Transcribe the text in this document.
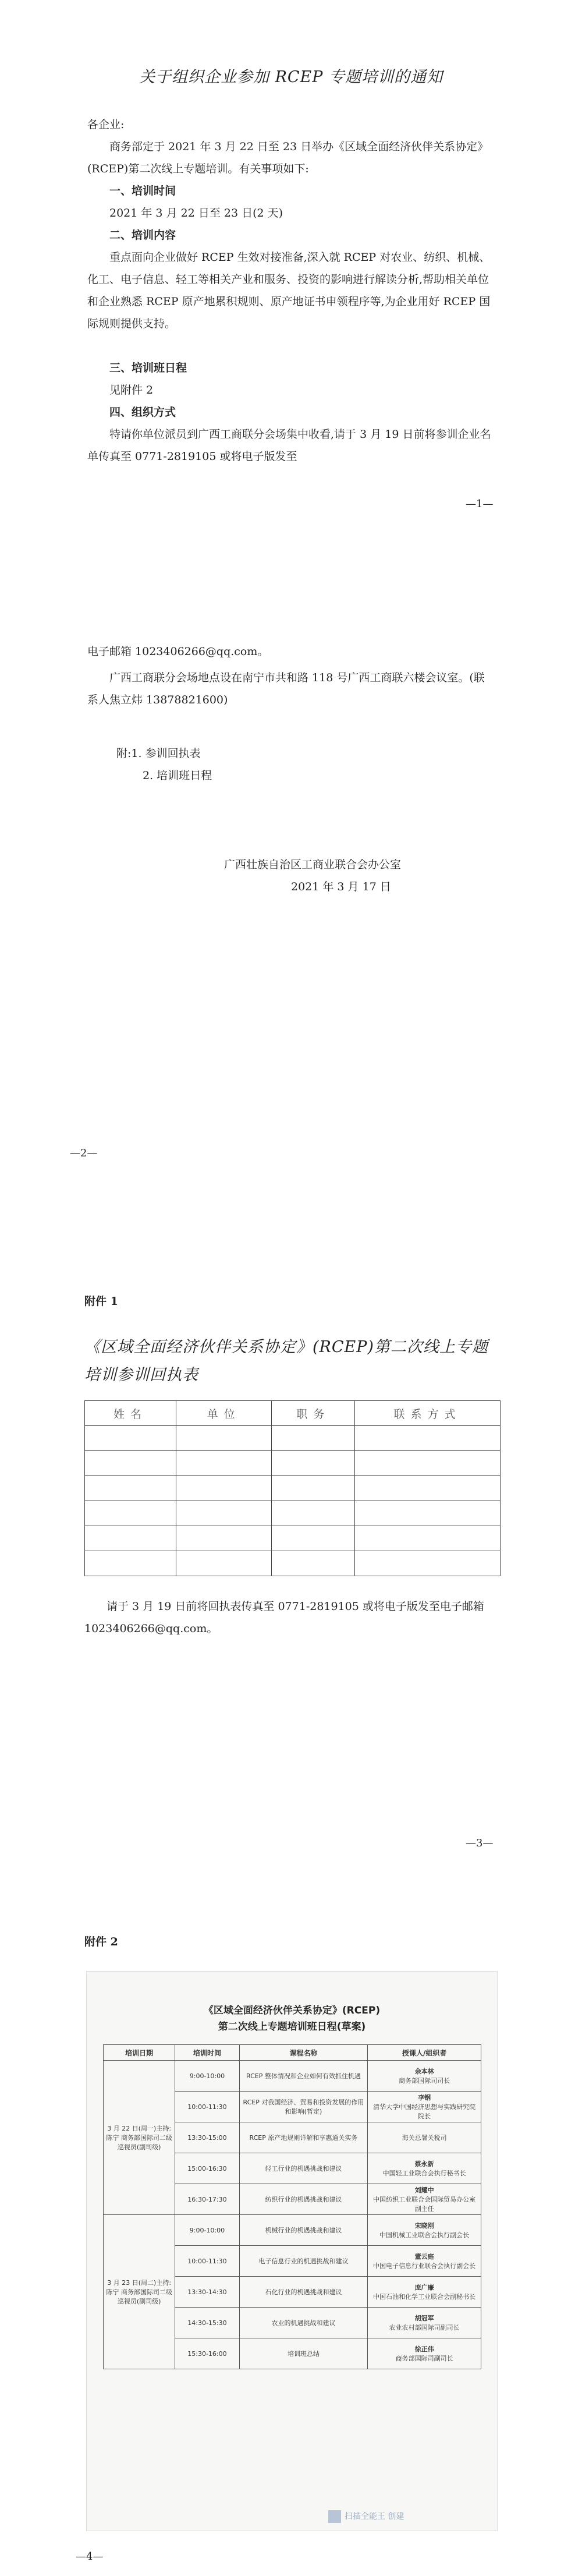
关于组织企业参加 RCEP 专题培训的通知
各企业:
商务部定于 2021 年 3 月 22 日至 23 日举办《区域全面经济伙伴关系协定》(RCEP)第二次线上专题培训。有关事项如下:
一、培训时间
2021 年 3 月 22 日至 23 日(2 天)
二、培训内容
重点面向企业做好 RCEP 生效对接准备,深入就 RCEP 对农业、纺织、机械、化工、电子信息、轻工等相关产业和服务、投资的影响进行解读分析,帮助相关单位和企业熟悉 RCEP 原产地累积规则、原产地证书申领程序等,为企业用好 RCEP 国际规则提供支持。
三、培训班日程
见附件 2
四、组织方式
特请你单位派员到广西工商联分会场集中收看,请于 3 月 19 日前将参训企业名单传真至 0771-2819105 或将电子版发至
—1—
电子邮箱 1023406266@qq.com。
广西工商联分会场地点设在南宁市共和路 118 号广西工商联六楼会议室。(联系人焦立炜 13878821600)
附:1. 参训回执表
2. 培训班日程
广西壮族自治区工商业联合会办公室
2021 年 3 月 17 日
—2—
附件 1
《区域全面经济伙伴关系协定》(RCEP)第二次线上专题培训参训回执表
姓名	单位	职务	联系方式

请于 3 月 19 日前将回执表传真至 0771-2819105 或将电子版发至电子邮箱 1023406266@qq.com。
—3—
附件 2
《区域全面经济伙伴关系协定》(RCEP)
第二次线上专题培训班日程(草案)
培训日期	培训时间	课程名称	授课人/组织者
3 月 22 日(周一)主持:陈宁 商务部国际司二级巡视员(副司级)	9:00-10:00	RCEP 整体情况和企业如何有效抓住机遇	余本林
商务部国际司司长
	10:00-11:30	RCEP 对我国经济、贸易和投资发展的作用和影响(暂定)	李钢
清华大学中国经济思想与实践研究院院长
	13:30-15:00	RCEP 原产地规则详解和享惠通关实务	海关总署关税司
	15:00-16:30	轻工行业的机遇挑战和建议	蔡永新
中国轻工业联合会执行秘书长
	16:30-17:30	纺织行业的机遇挑战和建议	刘耀中
中国纺织工业联合会国际贸易办公室副主任
3 月 23 日(周二)主持:陈宁 商务部国际司二级巡视员(副司级)	9:00-10:00	机械行业的机遇挑战和建议	宋晓刚
中国机械工业联合会执行副会长
	10:00-11:30	电子信息行业的机遇挑战和建议	董云庭
中国电子信息行业联合会执行副会长
	13:30-14:30	石化行业的机遇挑战和建议	庞广廉
中国石油和化学工业联合会副秘书长
	14:30-15:30	农业的机遇挑战和建议	胡冠军
农业农村部国际司副司长
	15:30-16:00	培训班总结	徐正伟
商务部国际司副司长
扫描全能王 创建
—4—
